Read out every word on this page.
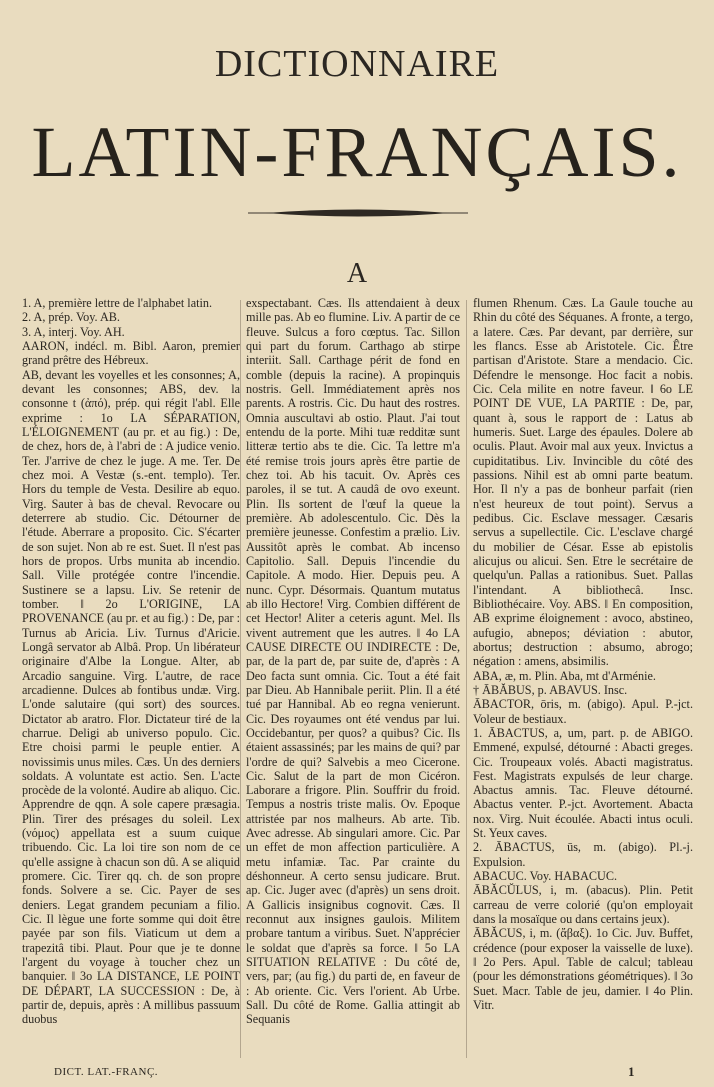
DICTIONNAIRE
LATIN-FRANÇAIS.
A
1. A, première lettre de l'alphabet latin.
2. A, prép. Voy. AB.
3. A, interj. Voy. AH.
AARON, indécl. m. Bibl. Aaron, premier grand prêtre des Hébreux.
AB, devant les voyelles et les consonnes; A, devant les consonnes; ABS, dev. la consonne t (ἀπό), prép. qui régit l'abl. Elle exprime : 1o LA SÉPARATION, L'ÉLOIGNEMENT (au pr. et au fig.) : De, de chez, hors de, à l'abri de : A judice venio. Ter. J'arrive de chez le juge. A me. Ter. De chez moi. A Vestæ (s.-ent. templo). Ter. Hors du temple de Vesta. Desilire ab equo. Virg. Sauter à bas de cheval. Revocare ou deterrere ab studio. Cic. Détourner de l'étude. Aberrare a proposito. Cic. S'écarter de son sujet. Non ab re est. Suet. Il n'est pas hors de propos. Urbs munita ab incendio. Sall. Ville protégée contre l'incendie. Sustinere se a lapsu. Liv. Se retenir de tomber. ‖ 2o L'ORIGINE, LA PROVENANCE (au pr. et au fig.) : De, par : Turnus ab Aricia. Liv. Turnus d'Aricie. Longâ servator ab Albâ. Prop. Un libérateur originaire d'Albe la Longue. Alter, ab Arcadio sanguine. Virg. L'autre, de race arcadienne. Dulces ab fontibus undæ. Virg. L'onde salutaire (qui sort) des sources. Dictator ab aratro. Flor. Dictateur tiré de la charrue. Deligi ab universo populo. Cic. Etre choisi parmi le peuple entier. A novissimis unus miles. Cæs. Un des derniers soldats. A voluntate est actio. Sen. L'acte procède de la volonté. Audire ab aliquo. Cic. Apprendre de qqn. A sole capere præsagia. Plin. Tirer des présages du soleil. Lex (νόμος) appellata est a suum cuique tribuendo. Cic. La loi tire son nom de ce qu'elle assigne à chacun son dû. A se aliquid promere. Cic. Tirer qq. ch. de son propre fonds. Solvere a se. Cic. Payer de ses deniers. Legat grandem pecuniam a filio. Cic. Il lègue une forte somme qui doit être payée par son fils. Viaticum ut dem a trapezitâ tibi. Plaut. Pour que je te donne l'argent du voyage à toucher chez un banquier. ‖ 3o LA DISTANCE, LE POINT DE DÉPART, LA SUCCESSION : De, à partir de, depuis, après : A millibus passuum duobus
exspectabant. Cæs. Ils attendaient à deux mille pas. Ab eo flumine. Liv. A partir de ce fleuve. Sulcus a foro cœptus. Tac. Sillon qui part du forum. Carthago ab stirpe interiit. Sall. Carthage périt de fond en comble (depuis la racine). A propinquis nostris. Gell. Immédiatement après nos parents. A rostris. Cic. Du haut des rostres. Omnia auscultavi ab ostio. Plaut. J'ai tout entendu de la porte. Mihi tuæ redditæ sunt litteræ tertio abs te die. Cic. Ta lettre m'a été remise trois jours après être partie de chez toi. Ab his tacuit. Ov. Après ces paroles, il se tut. A caudâ de ovo exeunt. Plin. Ils sortent de l'œuf la queue la première. Ab adolescentulo. Cic. Dès la première jeunesse. Confestim a prælio. Liv. Aussitôt après le combat. Ab incenso Capitolio. Sall. Depuis l'incendie du Capitole. A modo. Hier. Depuis peu. A nunc. Cypr. Désormais. Quantum mutatus ab illo Hectore! Virg. Combien différent de cet Hector! Aliter a ceteris agunt. Mel. Ils vivent autrement que les autres. ‖ 4o LA CAUSE DIRECTE OU INDIRECTE : De, par, de la part de, par suite de, d'après : A Deo facta sunt omnia. Cic. Tout a été fait par Dieu. Ab Hannibale periit. Plin. Il a été tué par Hannibal. Ab eo regna venierunt. Cic. Des royaumes ont été vendus par lui. Occidebantur, per quos? a quibus? Cic. Ils étaient assassinés; par les mains de qui? par l'ordre de qui? Salvebis a meo Cicerone. Cic. Salut de la part de mon Cicéron. Laborare a frigore. Plin. Souffrir du froid. Tempus a nostris triste malis. Ov. Epoque attristée par nos malheurs. Ab arte. Tib. Avec adresse. Ab singulari amore. Cic. Par un effet de mon affection particulière. A metu infamiæ. Tac. Par crainte du déshonneur. A certo sensu judicare. Brut. ap. Cic. Juger avec (d'après) un sens droit. A Gallicis insignibus cognovit. Cæs. Il reconnut aux insignes gaulois. Militem probare tantum a viribus. Suet. N'apprécier le soldat que d'après sa force. ‖ 5o LA SITUATION RELATIVE : Du côté de, vers, par; (au fig.) du parti de, en faveur de : Ab oriente. Cic. Vers l'orient. Ab Urbe. Sall. Du côté de Rome. Gallia attingit ab Sequanis
flumen Rhenum. Cæs. La Gaule touche au Rhin du côté des Séquanes. A fronte, a tergo, a latere. Cæs. Par devant, par derrière, sur les flancs. Esse ab Aristotele. Cic. Être partisan d'Aristote. Stare a mendacio. Cic. Défendre le mensonge. Hoc facit a nobis. Cic. Cela milite en notre faveur. ‖ 6o LE POINT DE VUE, LA PARTIE : De, par, quant à, sous le rapport de : Latus ab humeris. Suet. Large des épaules. Dolere ab oculis. Plaut. Avoir mal aux yeux. Invictus a cupiditatibus. Liv. Invincible du côté des passions. Nihil est ab omni parte beatum. Hor. Il n'y a pas de bonheur parfait (rien n'est heureux de tout point). Servus a pedibus. Cic. Esclave messager. Cæsaris servus a supellectile. Cic. L'esclave chargé du mobilier de César. Esse ab epistolis alicujus ou alicui. Sen. Etre le secrétaire de quelqu'un. Pallas a rationibus. Suet. Pallas l'intendant. A bibliothecâ. Insc. Bibliothécaire. Voy. ABS. ‖ En composition, AB exprime éloignement : avoco, abstineo, aufugio, abnepos; déviation : abutor, abortus; destruction : absumo, abrogo; négation : amens, absimilis.
ABA, æ, m. Plin. Aba, mt d'Arménie.
† ĀBĂBUS, p. ABAVUS. Insc.
ĀBACTOR, ōris, m. (abigo). Apul. P.-jct. Voleur de bestiaux.
1. ĀBACTUS, a, um, part. p. de ABIGO. Emmené, expulsé, détourné : Abacti greges. Cic. Troupeaux volés. Abacti magistratus. Fest. Magistrats expulsés de leur charge. Abactus amnis. Tac. Fleuve détourné. Abactus venter. P.-jct. Avortement. Abacta nox. Virg. Nuit écoulée. Abacti intus oculi. St. Yeux caves.
2. ĀBACTUS, ūs, m. (abigo). Pl.-j. Expulsion.
ABACUC. Voy. HABACUC.
ĀBĂCŬLUS, i, m. (abacus). Plin. Petit carreau de verre colorié (qu'on employait dans la mosaïque ou dans certains jeux).
ĀBĂCUS, i, m. (ἄβαξ). 1o Cic. Juv. Buffet, crédence (pour exposer la vaisselle de luxe). ‖ 2o Pers. Apul. Table de calcul; tableau (pour les démonstrations géométriques). ‖ 3o Suet. Macr. Table de jeu, damier. ‖ 4o Plin. Vitr.
DICT. LAT.-FRANÇ.	1
